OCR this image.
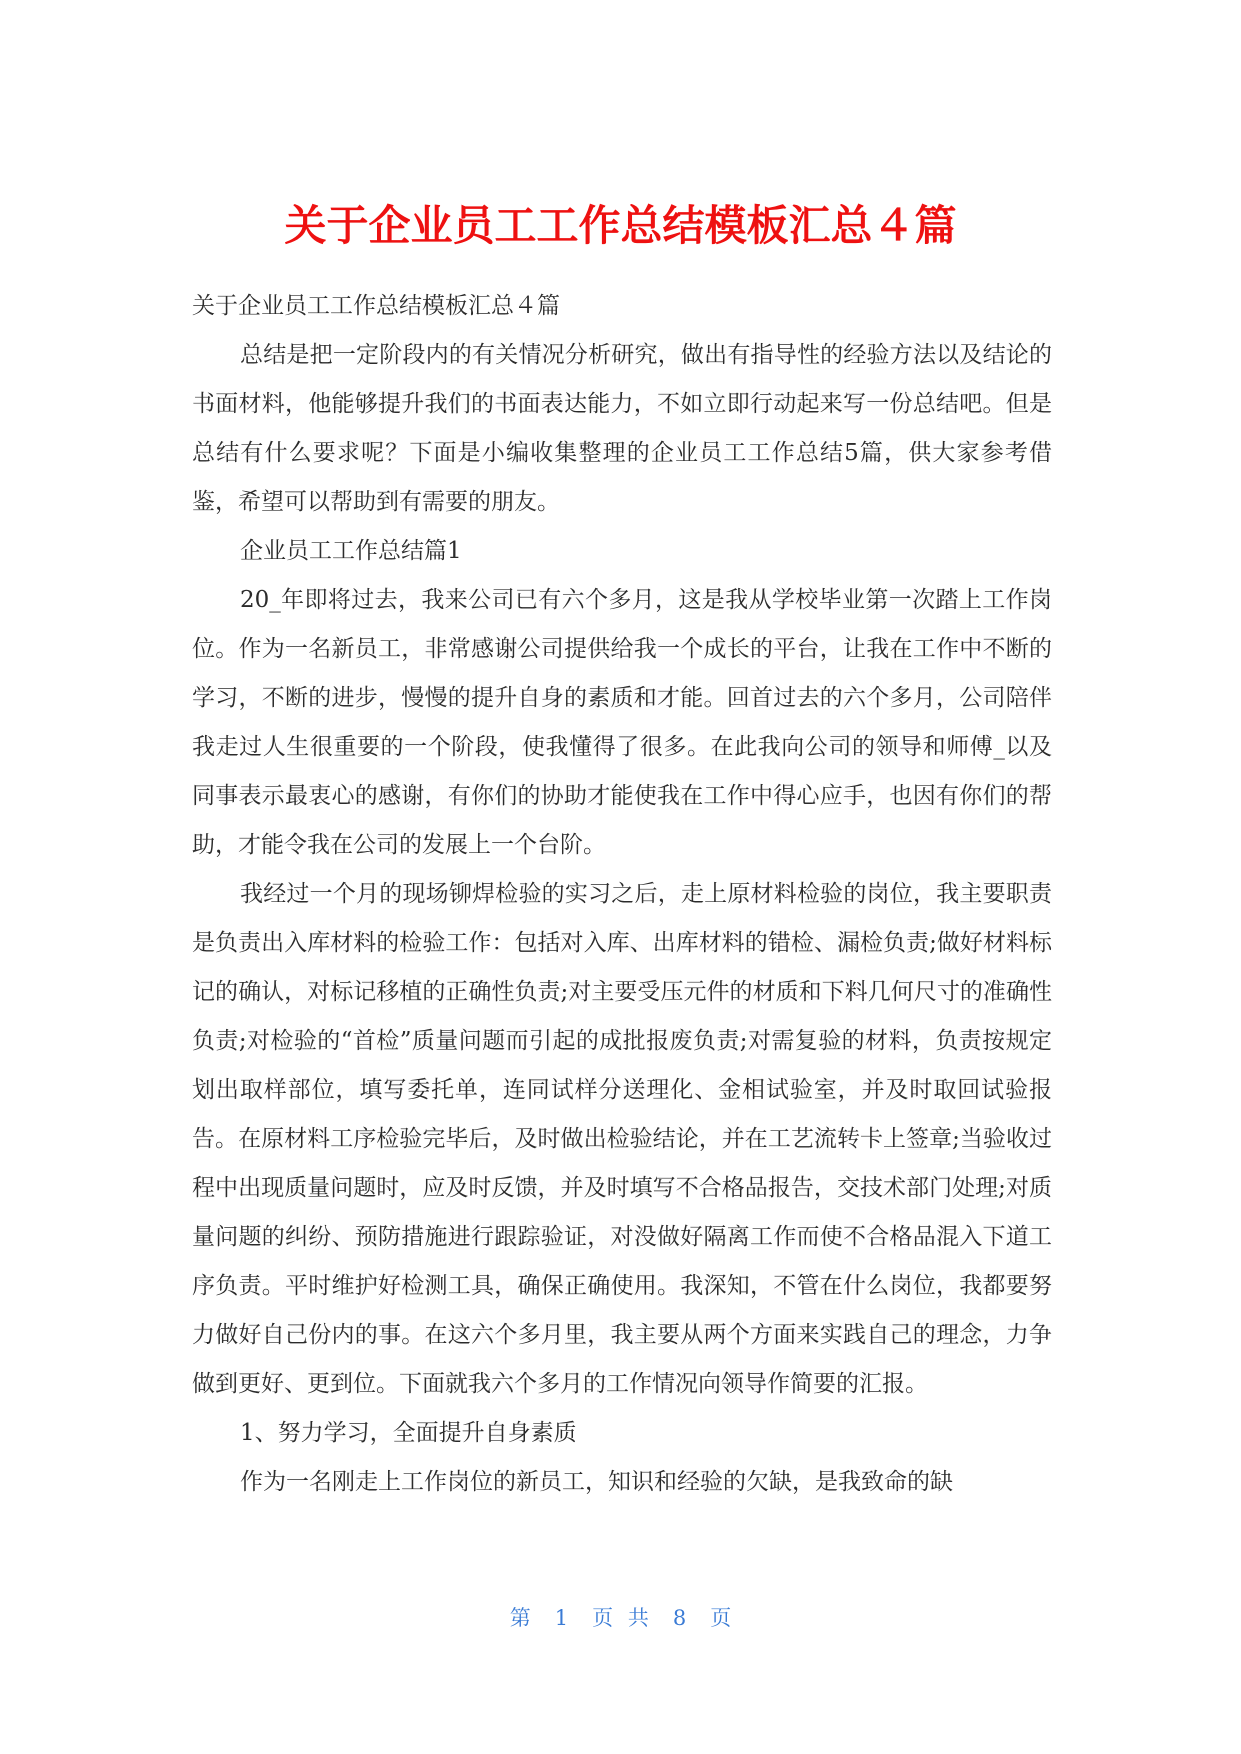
关于企业员工工作总结模板汇总４篇

关于企业员工工作总结模板汇总４篇

总结是把一定阶段内的有关情况分析研究，做出有指导性的经验方法以及结论的书面材料，他能够提升我们的书面表达能力，不如立即行动起来写一份总结吧。但是总结有什么要求呢？下面是小编收集整理的企业员工工作总结5篇，供大家参考借鉴，希望可以帮助到有需要的朋友。

企业员工工作总结篇1

20_年即将过去，我来公司已有六个多月，这是我从学校毕业第一次踏上工作岗位。作为一名新员工，非常感谢公司提供给我一个成长的平台，让我在工作中不断的学习，不断的进步，慢慢的提升自身的素质和才能。回首过去的六个多月，公司陪伴我走过人生很重要的一个阶段，使我懂得了很多。在此我向公司的领导和师傅_以及同事表示最衷心的感谢，有你们的协助才能使我在工作中得心应手，也因有你们的帮助，才能令我在公司的发展上一个台阶。

我经过一个月的现场铆焊检验的实习之后，走上原材料检验的岗位，我主要职责是负责出入库材料的检验工作：包括对入库、出库材料的错检、漏检负责;做好材料标记的确认，对标记移植的正确性负责;对主要受压元件的材质和下料几何尺寸的准确性负责;对检验的“首检”质量问题而引起的成批报废负责;对需复验的材料，负责按规定划出取样部位，填写委托单，连同试样分送理化、金相试验室，并及时取回试验报告。在原材料工序检验完毕后，及时做出检验结论，并在工艺流转卡上签章;当验收过程中出现质量问题时，应及时反馈，并及时填写不合格品报告，交技术部门处理;对质量问题的纠纷、预防措施进行跟踪验证，对没做好隔离工作而使不合格品混入下道工序负责。平时维护好检测工具，确保正确使用。我深知，不管在什么岗位，我都要努力做好自己份内的事。在这六个多月里，我主要从两个方面来实践自己的理念，力争做到更好、更到位。下面就我六个多月的工作情况向领导作简要的汇报。

1、努力学习，全面提升自身素质

作为一名刚走上工作岗位的新员工，知识和经验的欠缺，是我致命的缺

第 1 页 共 8 页
